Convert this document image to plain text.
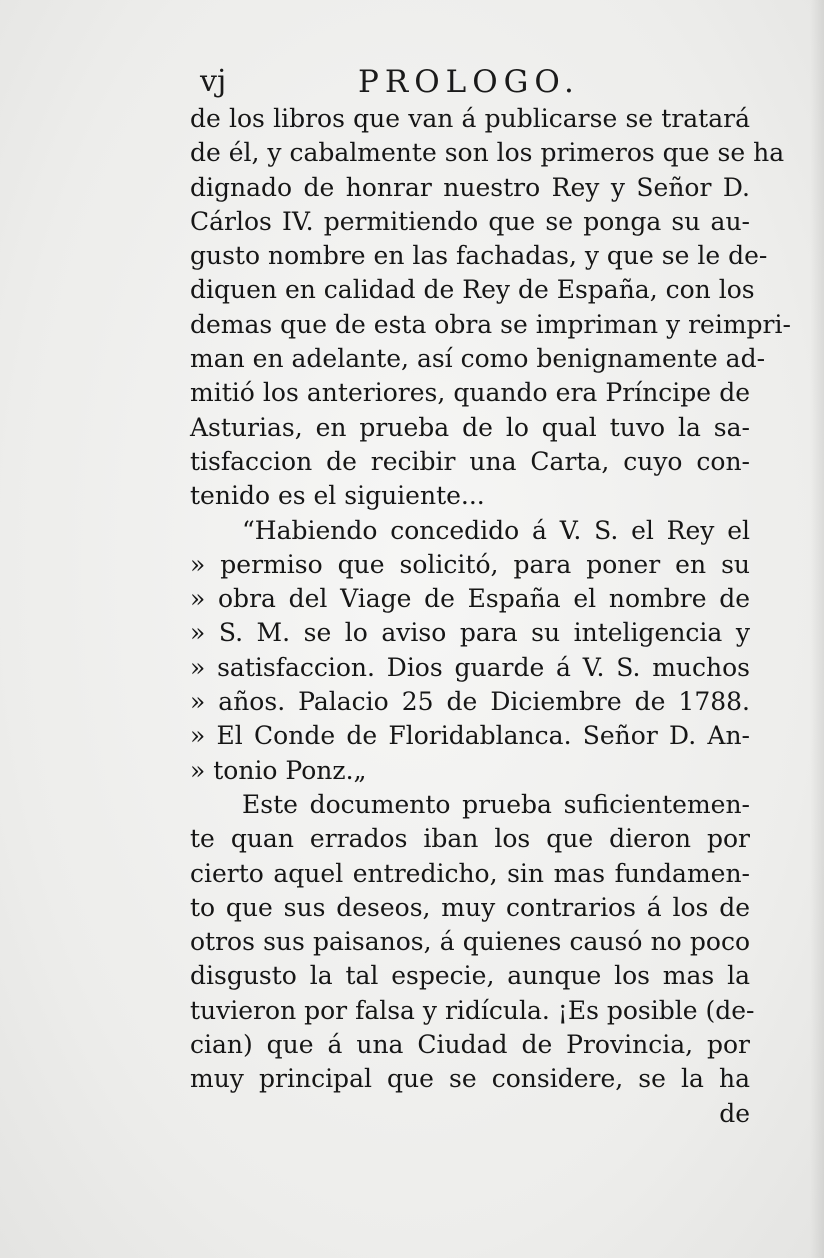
vj	PROLOGO.
de los libros que van á publicarse se tratará
de él, y cabalmente son los primeros que se ha
dignado de honrar nuestro Rey y Señor D.
Cárlos IV. permitiendo que se ponga su au-
gusto nombre en las fachadas, y que se le de-
diquen en calidad de Rey de España, con los
demas que de esta obra se impriman y reimpri-
man en adelante, así como benignamente ad-
mitió los anteriores, quando era Príncipe de
Asturias, en prueba de lo qual tuvo la sa-
tisfaccion de recibir una Carta, cuyo con-
tenido es el siguiente...
“Habiendo concedido á V. S. el Rey el
» permiso que solicitó, para poner en su
» obra del Viage de España el nombre de
» S. M. se lo aviso para su inteligencia y
» satisfaccion. Dios guarde á V. S. muchos
» años. Palacio 25 de Diciembre de 1788.
» El Conde de Floridablanca. Señor D. An-
» tonio Ponz.„
Este documento prueba suficientemen-
te quan errados iban los que dieron por
cierto aquel entredicho, sin mas fundamen-
to que sus deseos, muy contrarios á los de
otros sus paisanos, á quienes causó no poco
disgusto la tal especie, aunque los mas la
tuvieron por falsa y ridícula. ¡Es posible (de-
cian) que á una Ciudad de Provincia, por
muy principal que se considere, se la ha
de
